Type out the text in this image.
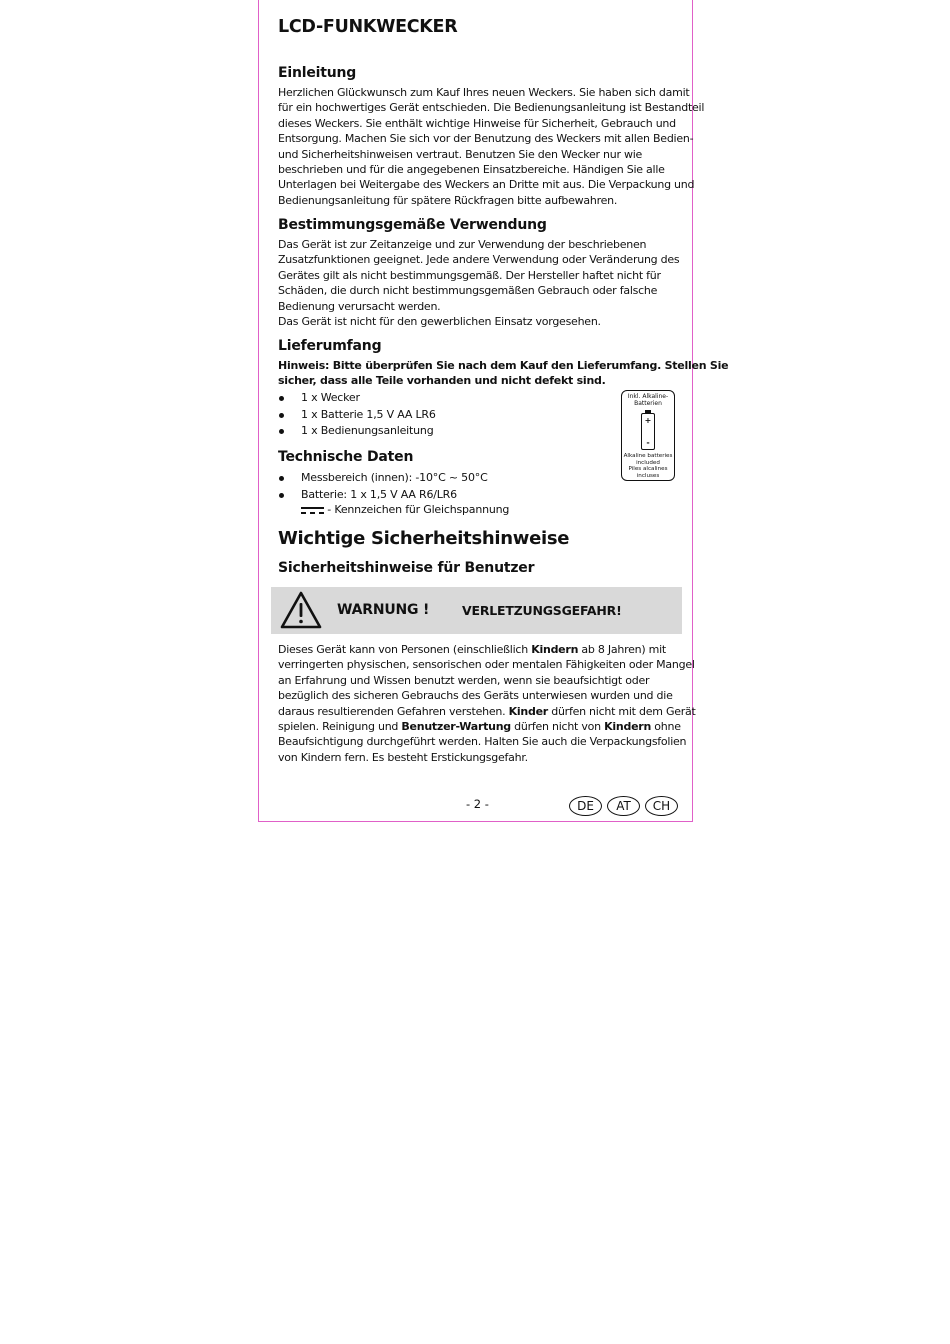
LCD-FUNKWECKER
Einleitung
Herzlichen Glückwunsch zum Kauf Ihres neuen Weckers. Sie haben sich damit
für ein hochwertiges Gerät entschieden. Die Bedienungsanleitung ist Bestandteil
dieses Weckers. Sie enthält wichtige Hinweise für Sicherheit, Gebrauch und
Entsorgung. Machen Sie sich vor der Benutzung des Weckers mit allen Bedien-
und Sicherheitshinweisen vertraut. Benutzen Sie den Wecker nur wie
beschrieben und für die angegebenen Einsatzbereiche. Händigen Sie alle
Unterlagen bei Weitergabe des Weckers an Dritte mit aus. Die Verpackung und
Bedienungsanleitung für spätere Rückfragen bitte aufbewahren.
Bestimmungsgemäße Verwendung
Das Gerät ist zur Zeitanzeige und zur Verwendung der beschriebenen
Zusatzfunktionen geeignet. Jede andere Verwendung oder Veränderung des
Gerätes gilt als nicht bestimmungsgemäß. Der Hersteller haftet nicht für
Schäden, die durch nicht bestimmungsgemäßen Gebrauch oder falsche
Bedienung verursacht werden.
Das Gerät ist nicht für den gewerblichen Einsatz vorgesehen.
Lieferumfang
Hinweis: Bitte überprüfen Sie nach dem Kauf den Lieferumfang. Stellen Sie
sicher, dass alle Teile vorhanden und nicht defekt sind.
1 x Wecker
1 x Batterie 1,5 V AA LR6
1 x Bedienungsanleitung
Inkl. Alkaline-
Batterien
+
-
Alkaline batteries
included
Piles alcalines
incluses
Technische Daten
Messbereich (innen): -10°C ~ 50°C
Batterie: 1 x 1,5 V AA R6/LR6
- Kennzeichen für Gleichspannung
Wichtige Sicherheitshinweise
Sicherheitshinweise für Benutzer
WARNUNG !	VERLETZUNGSGEFAHR!
Dieses Gerät kann von Personen (einschließlich Kindern ab 8 Jahren) mit
verringerten physischen, sensorischen oder mentalen Fähigkeiten oder Mangel
an Erfahrung und Wissen benutzt werden, wenn sie beaufsichtigt oder
bezüglich des sicheren Gebrauchs des Geräts unterwiesen wurden und die
daraus resultierenden Gefahren verstehen. Kinder dürfen nicht mit dem Gerät
spielen. Reinigung und Benutzer-Wartung dürfen nicht von Kindern ohne
Beaufsichtigung durchgeführt werden. Halten Sie auch die Verpackungsfolien
von Kindern fern. Es besteht Erstickungsgefahr.
- 2 -	DE	AT	CH
